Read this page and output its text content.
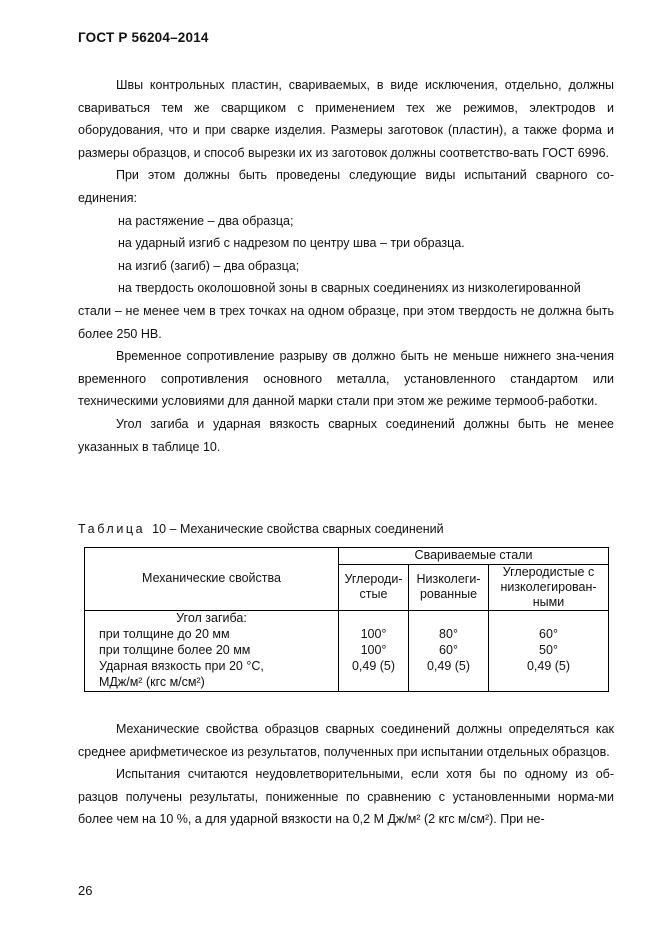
ГОСТ Р 56204–2014

Швы контрольных пластин, свариваемых, в виде исключения, отдельно, должны свариваться тем же сварщиком с применением тех же режимов, электродов и оборудования, что и при сварке изделия. Размеры заготовок (пластин), а также форма и размеры образцов, и способ вырезки их из заготовок должны соответство-вать ГОСТ 6996.

При этом должны быть проведены следующие виды испытаний сварного со-единения:

на растяжение – два образца;

на ударный изгиб с надрезом по центру шва – три образца.

на изгиб (загиб) – два образца;

на твердость околошовной зоны в сварных соединениях из низколегированной

стали – не менее чем в трех точках на одном образце, при этом твердость не должна быть более 250 НВ.

Временное сопротивление разрыву σв должно быть не меньше нижнего зна-чения временного сопротивления основного металла, установленного стандартом или техническими условиями для данной марки стали при этом же режиме термооб-работки.

Угол загиба и ударная вязкость сварных соединений должны быть не менее указанных в таблице 10.

Таблица 10 – Механические свойства сварных соединений
Механические свойства	Свариваемые стали		
	Углероди-стые	Низколеги-рованные	Углеродистые с низколегирован-ными
Угол загиба:			
при толщине до 20 мм	100°	80°	60°
при толщине более 20 мм	100°	60°	50°
Ударная вязкость при 20 °С,	0,49 (5)	0,49 (5)	0,49 (5)
МДж/м² (кгс м/см²)			

Механические свойства образцов сварных соединений должны определяться как среднее арифметическое из результатов, полученных при испытании отдельных образцов.

Испытания считаются неудовлетворительными, если хотя бы по одному из об-разцов получены результаты, пониженные по сравнению с установленными норма-ми более чем на 10 %, а для ударной вязкости на 0,2 М Дж/м² (2 кгс м/см²). При не-

26
